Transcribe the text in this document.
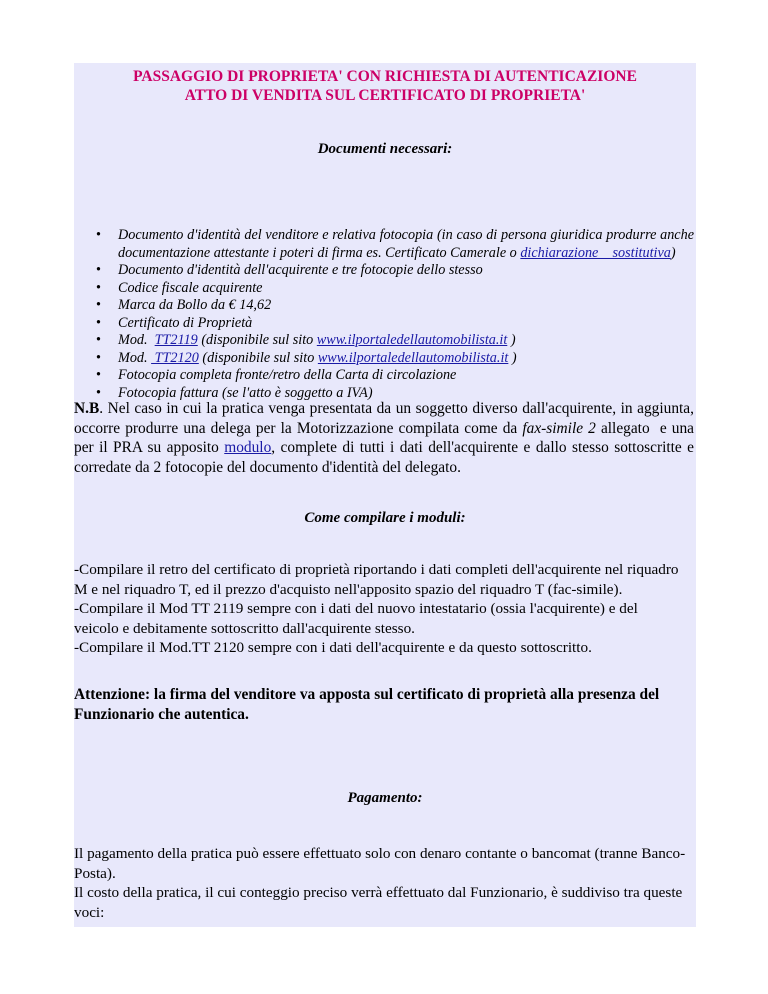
PASSAGGIO DI PROPRIETA' CON RICHIESTA DI AUTENTICAZIONE
ATTO DI VENDITA SUL CERTIFICATO DI PROPRIETA'
Documenti necessari:
• Documento d'identità del venditore e relativa fotocopia (in caso di persona giuridica produrre anche documentazione attestante i poteri di firma es. Certificato Camerale o dichiarazione    sostitutiva)
• Documento d'identità dell'acquirente e tre fotocopie dello stesso
• Codice fiscale acquirente
• Marca da Bollo da € 14,62
• Certificato di Proprietà
• Mod.  TT2119 (disponibile sul sito www.ilportaledellautomobilista.it )
• Mod.  TT2120 (disponibile sul sito www.ilportaledellautomobilista.it )
• Fotocopia completa fronte/retro della Carta di circolazione
• Fotocopia fattura (se l'atto è soggetto a IVA)
N.B. Nel caso in cui la pratica venga presentata da un soggetto diverso dall'acquirente, in aggiunta, occorre produrre una delega per la Motorizzazione compilata come da fax-simile 2 allegato  e una per il PRA su apposito modulo, complete di tutti i dati dell'acquirente e dallo stesso sottoscritte e corredate da 2 fotocopie del documento d'identità del delegato.
Come compilare i moduli:
-Compilare il retro del certificato di proprietà riportando i dati completi dell'acquirente nel riquadro M e nel riquadro T, ed il prezzo d'acquisto nell'apposito spazio del riquadro T (fac-simile).
-Compilare il Mod TT 2119 sempre con i dati del nuovo intestatario (ossia l'acquirente) e del veicolo e debitamente sottoscritto dall'acquirente stesso.
-Compilare il Mod.TT 2120 sempre con i dati dell'acquirente e da questo sottoscritto.
Attenzione: la firma del venditore va apposta sul certificato di proprietà alla presenza del Funzionario che autentica.
Pagamento:
Il pagamento della pratica può essere effettuato solo con denaro contante o bancomat (tranne Banco-Posta).
Il costo della pratica, il cui conteggio preciso verrà effettuato dal Funzionario, è suddiviso tra queste voci:
